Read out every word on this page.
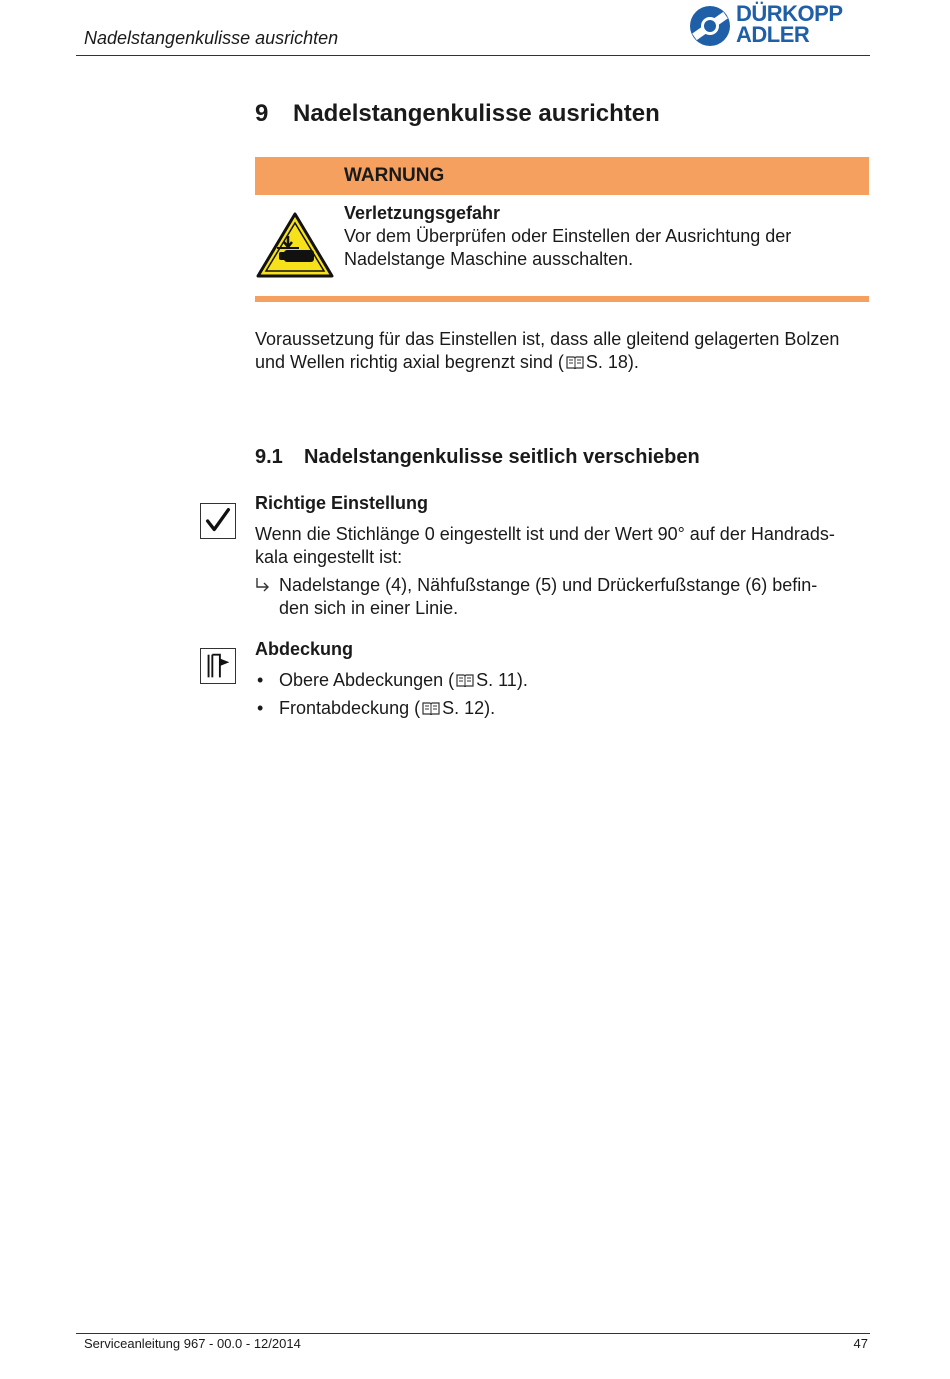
Nadelstangenkulisse ausrichten
DÜRKOPP
ADLER
9 Nadelstangenkulisse ausrichten
WARNUNG
Verletzungsgefahr
Vor dem Überprüfen oder Einstellen der Ausrichtung der
Nadelstange Maschine ausschalten.
Voraussetzung für das Einstellen ist, dass alle gleitend gelagerten Bolzen
und Wellen richtig axial begrenzt sind ( S. 18).
9.1 Nadelstangenkulisse seitlich verschieben
Richtige Einstellung
Wenn die Stichlänge 0 eingestellt ist und der Wert 90° auf der Handrads-
kala eingestellt ist:
Nadelstange (4), Nähfußstange (5) und Drückerfußstange (6) befin-
den sich in einer Linie.
Abdeckung
• Obere Abdeckungen ( S. 11).
• Frontabdeckung ( S. 12).
Serviceanleitung 967 - 00.0 - 12/2014	47
